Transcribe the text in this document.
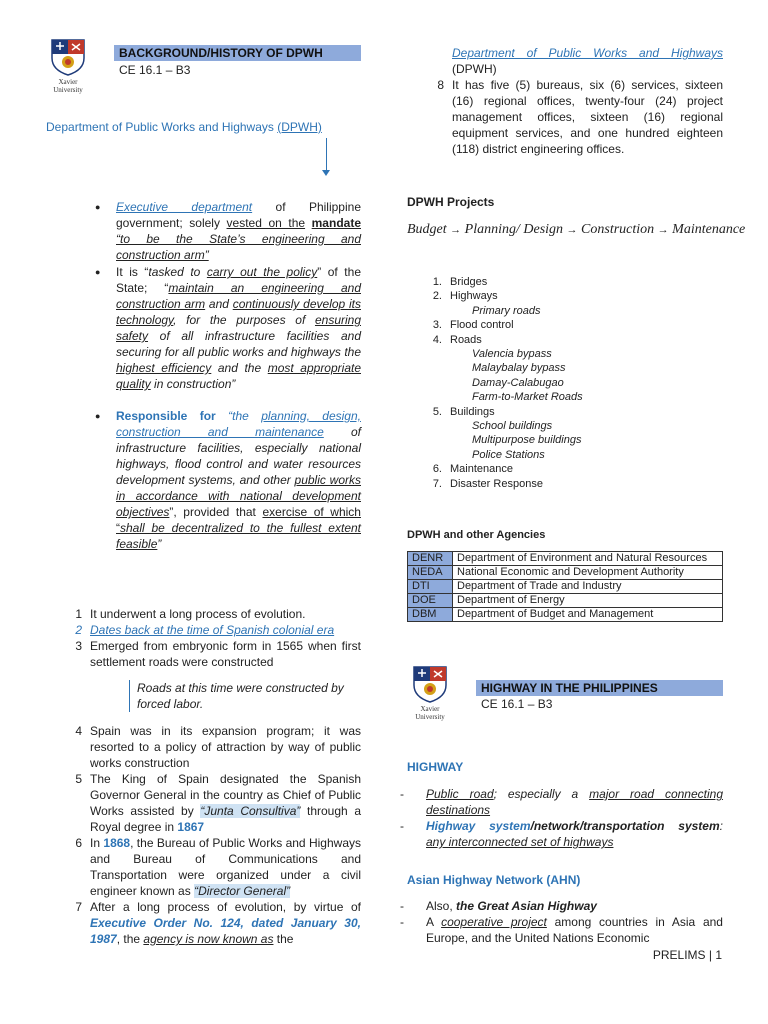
Xavier University
BACKGROUND/HISTORY OF DPWH
CE 16.1 – B3
Department of Public Works and Highways (DPWH)
● Executive department of Philippine government; solely vested on the mandate “to be the State’s engineering and construction arm”
● It is “tasked to carry out the policy” of the State; “maintain an engineering and construction arm and continuously develop its technology, for the purposes of ensuring safety of all infrastructure facilities and securing for all public works and highways the highest efficiency and the most appropriate quality in construction”
● Responsible for “the planning, design, construction and maintenance of infrastructure facilities, especially national highways, flood control and water resources development systems, and other public works in accordance with national development objectives”, provided that exercise of which “shall be decentralized to the fullest extent feasible”
1 It underwent a long process of evolution.
2 Dates back at the time of Spanish colonial era
3 Emerged from embryonic form in 1565 when first settlement roads were constructed
Roads at this time were constructed by forced labor.
4 Spain was in its expansion program; it was resorted to a policy of attraction by way of public works construction
5 The King of Spain designated the Spanish Governor General in the country as Chief of Public Works assisted by “Junta Consultiva” through a Royal degree in 1867
6 In 1868, the Bureau of Public Works and Highways and Bureau of Communications and Transportation were organized under a civil engineer known as “Director General”
7 After a long process of evolution, by virtue of Executive Order No. 124, dated January 30, 1987, the agency is now known as the
Department of Public Works and Highways
(DPWH)
8 It has five (5) bureaus, six (6) services, sixteen (16) regional offices, twenty-four (24) project management offices, sixteen (16) regional equipment services, and one hundred eighteen (118) district engineering offices.
DPWH Projects
Budget → Planning/ Design → Construction → Maintenance
1. Bridges
2. Highways
Primary roads
3. Flood control
4. Roads
Valencia bypass
Malaybalay bypass
Damay-Calabugao
Farm-to-Market Roads
5. Buildings
School buildings
Multipurpose buildings
Police Stations
6. Maintenance
7. Disaster Response
DPWH and other Agencies
DENR	Department of Environment and Natural Resources
NEDA	National Economic and Development Authority
DTI	Department of Trade and Industry
DOE	Department of Energy
DBM	Department of Budget and Management
Xavier University
HIGHWAY IN THE PHILIPPINES
CE 16.1 – B3
HIGHWAY
- Public road; especially a major road connecting destinations
- Highway system/network/transportation system: any interconnected set of highways
Asian Highway Network (AHN)
- Also, the Great Asian Highway
- A cooperative project among countries in Asia and Europe, and the United Nations Economic
PRELIMS | 1
